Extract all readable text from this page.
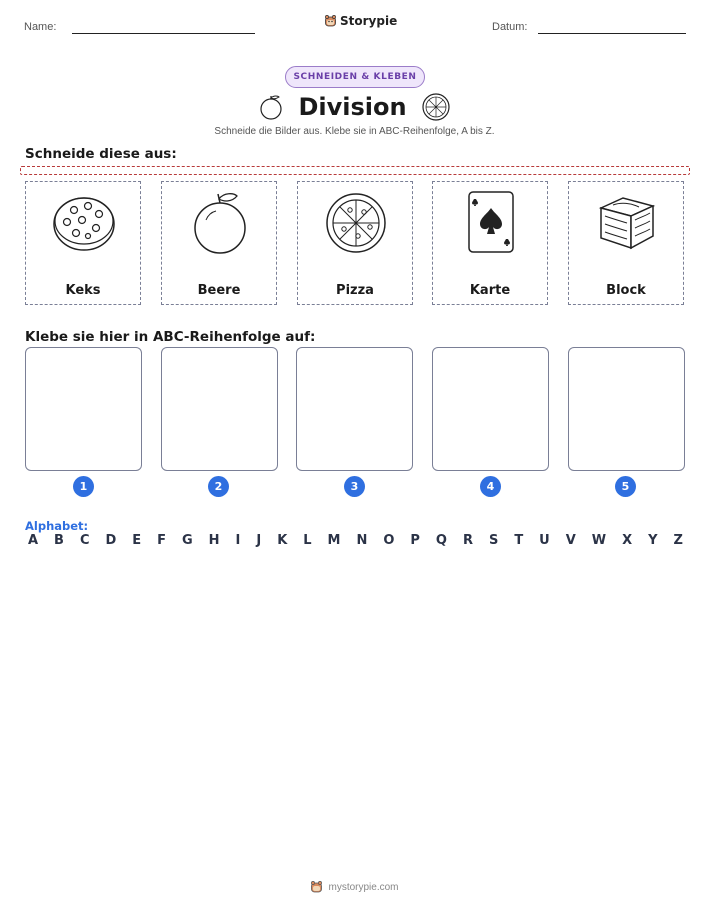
Name:	Datum:
Storypie
SCHNEIDEN & KLEBEN
Division
Schneide die Bilder aus. Klebe sie in ABC-Reihenfolge, A bis Z.
Schneide diese aus:
Keks	Beere	Pizza	Karte	Block
Klebe sie hier in ABC-Reihenfolge auf:
1	2	3	4	5
Alphabet:
A B C D E F G H I J K L M N O P Q R S T U V W X Y Z
mystorypie.com
